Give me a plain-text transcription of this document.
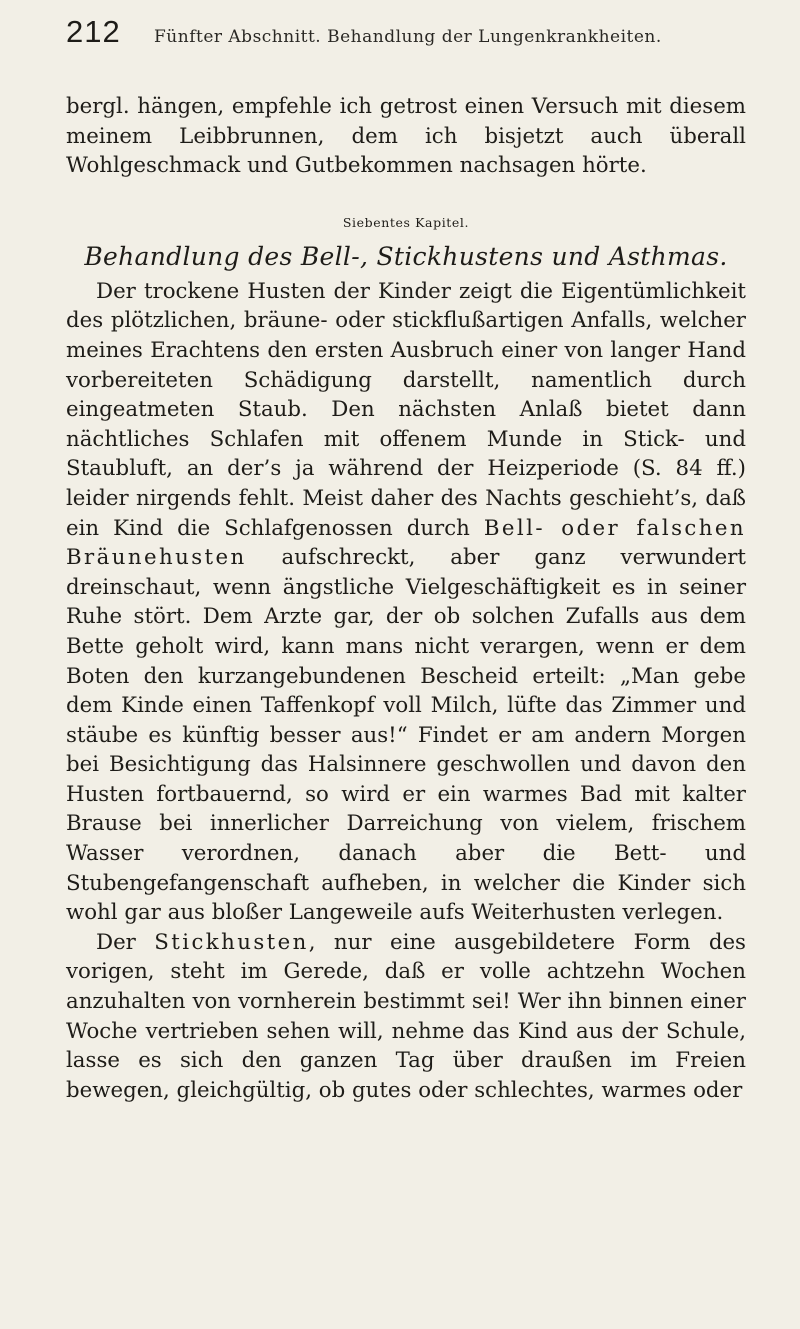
212	Fünfter Abschnitt. Behandlung der Lungenkrankheiten.

bergl. hängen, empfehle ich getrost einen Versuch mit diesem meinem Leibbrunnen, dem ich bisjetzt auch überall Wohlgeschmack und Gutbekommen nachsagen hörte.

Siebentes Kapitel.
Behandlung des Bell-, Stickhustens und Asthmas.

Der trockene Husten der Kinder zeigt die Eigentümlichkeit des plötzlichen, bräune- oder stickflußartigen Anfalls, welcher meines Erachtens den ersten Ausbruch einer von langer Hand vorbereiteten Schädigung darstellt, namentlich durch eingeatmeten Staub. Den nächsten Anlaß bietet dann nächtliches Schlafen mit offenem Munde in Stick- und Staubluft, an der’s ja während der Heizperiode (S. 84 ff.) leider nirgends fehlt. Meist daher des Nachts geschieht’s, daß ein Kind die Schlafgenossen durch Bell- oder falschen Bräunehusten aufschreckt, aber ganz verwundert dreinschaut, wenn ängstliche Vielgeschäftigkeit es in seiner Ruhe stört. Dem Arzte gar, der ob solchen Zufalls aus dem Bette geholt wird, kann mans nicht verargen, wenn er dem Boten den kurzangebundenen Bescheid erteilt: „Man gebe dem Kinde einen Taffenkopf voll Milch, lüfte das Zimmer und stäube es künftig besser aus!“ Findet er am andern Morgen bei Besichtigung das Halsinnere geschwollen und davon den Husten fortbauernd, so wird er ein warmes Bad mit kalter Brause bei innerlicher Darreichung von vielem, frischem Wasser verordnen, danach aber die Bett- und Stubengefangenschaft aufheben, in welcher die Kinder sich wohl gar aus bloßer Langeweile aufs Weiterhusten verlegen.

Der Stickhusten, nur eine ausgebildetere Form des vorigen, steht im Gerede, daß er volle achtzehn Wochen anzuhalten von vornherein bestimmt sei! Wer ihn binnen einer Woche vertrieben sehen will, nehme das Kind aus der Schule, lasse es sich den ganzen Tag über draußen im Freien bewegen, gleichgültig, ob gutes oder schlechtes, warmes oder
